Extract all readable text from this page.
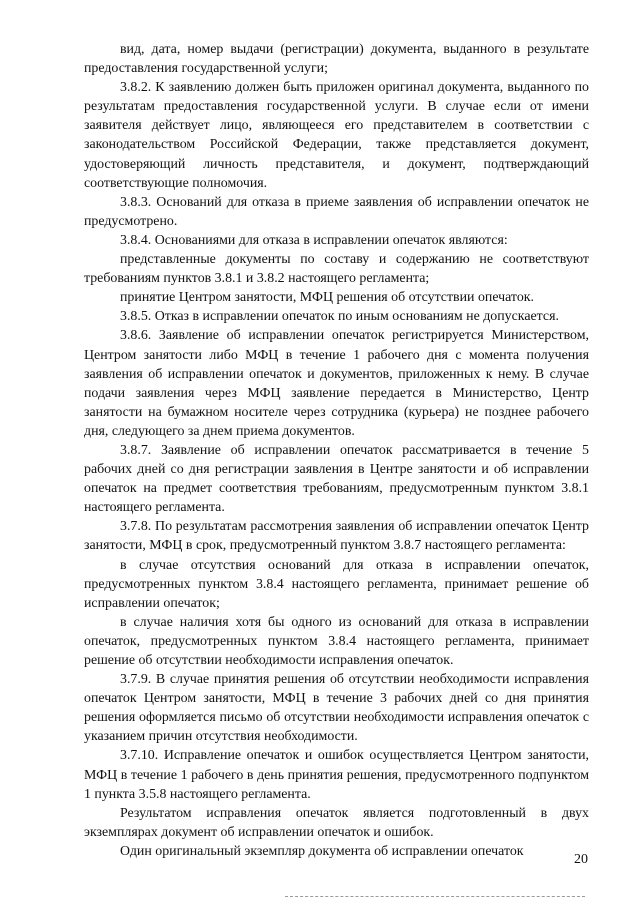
вид, дата, номер выдачи (регистрации) документа, выданного в результате предоставления государственной услуги;

3.8.2. К заявлению должен быть приложен оригинал документа, выданного по результатам предоставления государственной услуги. В случае если от имени заявителя действует лицо, являющееся его представителем в соответствии с законодательством Российской Федерации, также представляется документ, удостоверяющий личность представителя, и документ, подтверждающий соответствующие полномочия.

3.8.3. Оснований для отказа в приеме заявления об исправлении опечаток не предусмотрено.

3.8.4. Основаниями для отказа в исправлении опечаток являются:

представленные документы по составу и содержанию не соответствуют требованиям пунктов 3.8.1 и 3.8.2 настоящего регламента;

принятие Центром занятости, МФЦ решения об отсутствии опечаток.

3.8.5. Отказ в исправлении опечаток по иным основаниям не допускается.

3.8.6. Заявление об исправлении опечаток регистрируется Министерством, Центром занятости либо МФЦ в течение 1 рабочего дня с момента получения заявления об исправлении опечаток и документов, приложенных к нему. В случае подачи заявления через МФЦ заявление передается в Министерство, Центр занятости на бумажном носителе через сотрудника (курьера) не позднее рабочего дня, следующего за днем приема документов.

3.8.7. Заявление об исправлении опечаток рассматривается в течение 5 рабочих дней со дня регистрации заявления в Центре занятости и об исправлении опечаток на предмет соответствия требованиям, предусмотренным пунктом 3.8.1 настоящего регламента.

3.7.8. По результатам рассмотрения заявления об исправлении опечаток Центр занятости, МФЦ в срок, предусмотренный пунктом 3.8.7 настоящего регламента:

в случае отсутствия оснований для отказа в исправлении опечаток, предусмотренных пунктом 3.8.4 настоящего регламента, принимает решение об исправлении опечаток;

в случае наличия хотя бы одного из оснований для отказа в исправлении опечаток, предусмотренных пунктом 3.8.4 настоящего регламента, принимает решение об отсутствии необходимости исправления опечаток.

3.7.9. В случае принятия решения об отсутствии необходимости исправления опечаток Центром занятости, МФЦ в течение 3 рабочих дней со дня принятия решения оформляется письмо об отсутствии необходимости исправления опечаток с указанием причин отсутствия необходимости.

3.7.10. Исправление опечаток и ошибок осуществляется Центром занятости, МФЦ в течение 1 рабочего в день принятия решения, предусмотренного подпунктом 1 пункта 3.5.8 настоящего регламента.

Результатом исправления опечаток является подготовленный в двух экземплярах документ об исправлении опечаток и ошибок.

Один оригинальный экземпляр документа об исправлении опечаток

20
